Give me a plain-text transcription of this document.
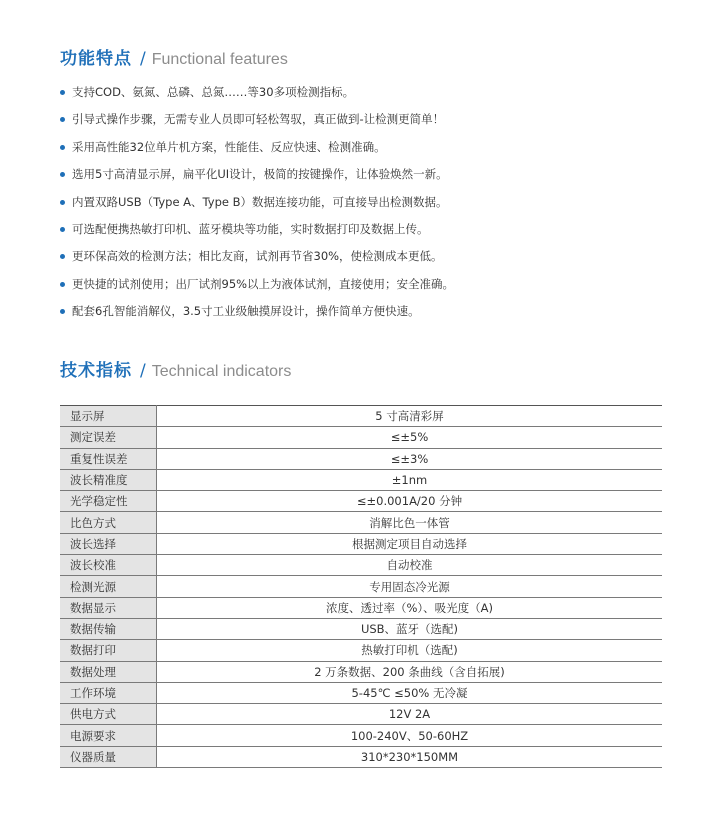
功能特点 / Functional features
支持COD、氨氮、总磷、总氮……等30多项检测指标。
引导式操作步骤，无需专业人员即可轻松驾驭，真正做到-让检测更简单！
采用高性能32位单片机方案，性能佳、反应快速、检测准确。
选用5寸高清显示屏，扁平化UI设计，极简的按键操作，让体验焕然一新。
内置双路USB（Type A、Type B）数据连接功能，可直接导出检测数据。
可选配便携热敏打印机、蓝牙模块等功能，实时数据打印及数据上传。
更环保高效的检测方法；相比友商，试剂再节省30%，使检测成本更低。
更快捷的试剂使用；出厂试剂95%以上为液体试剂，直接使用；安全准确。
配套6孔智能消解仪，3.5寸工业级触摸屏设计，操作简单方便快速。
技术指标 / Technical indicators
显示屏	5 寸高清彩屏
测定误差	≤±5%
重复性误差	≤±3%
波长精准度	±1nm
光学稳定性	≤±0.001A/20 分钟
比色方式	消解比色一体管
波长选择	根据测定项目自动选择
波长校准	自动校准
检测光源	专用固态冷光源
数据显示	浓度、透过率（%）、吸光度（A)
数据传输	USB、蓝牙（选配)
数据打印	热敏打印机（选配)
数据处理	2 万条数据、200 条曲线（含自拓展)
工作环境	5-45℃ ≤50% 无冷凝
供电方式	12V 2A
电源要求	100-240V、50-60HZ
仪器质量	310*230*150MM
